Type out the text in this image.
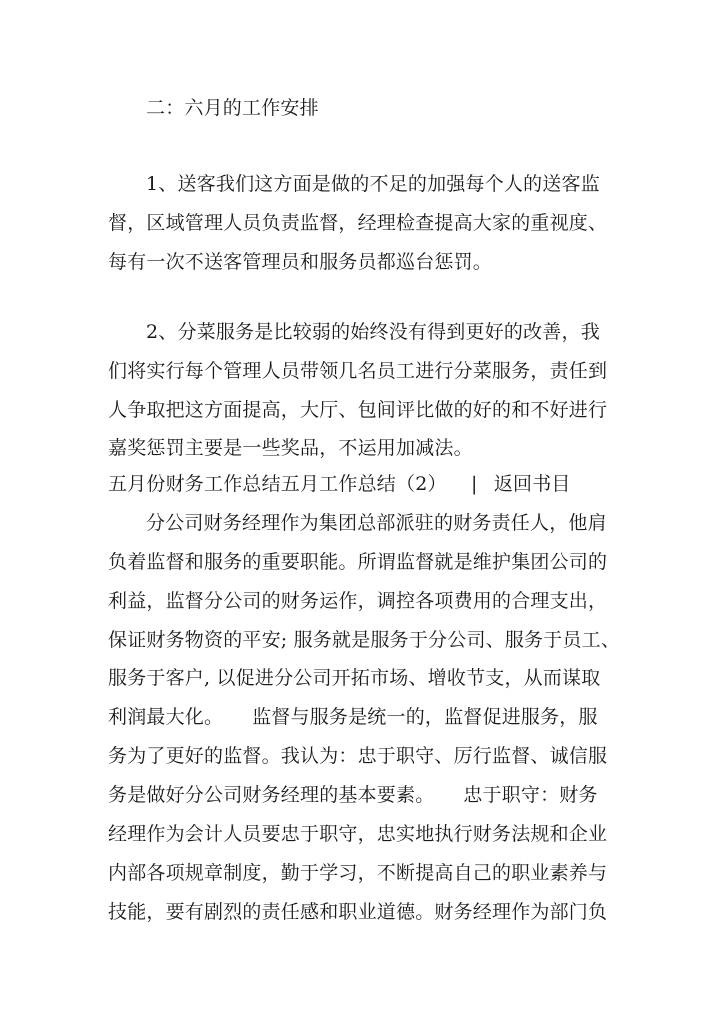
二：六月的工作安排
1、送客我们这方面是做的不足的加强每个人的送客监
督，区域管理人员负责监督，经理检查提高大家的重视度、
每有一次不送客管理员和服务员都巡台惩罚。
2、分菜服务是比较弱的始终没有得到更好的改善，我
们将实行每个管理人员带领几名员工进行分菜服务，责任到
人争取把这方面提高，大厅、包间评比做的好的和不好进行
嘉奖惩罚主要是一些奖品，不运用加减法。
五月份财务工作总结五月工作总结（2） | 返回书目
分公司财务经理作为集团总部派驻的财务责任人，他肩
负着监督和服务的重要职能。所谓监督就是维护集团公司的
利益，监督分公司的财务运作，调控各项费用的合理支出，
保证财务物资的平安; 服务就是服务于分公司、服务于员工、
服务于客户, 以促进分公司开拓市场、增收节支，从而谋取
利润最大化。　　监督与服务是统一的，监督促进服务，服
务为了更好的监督。我认为：忠于职守、厉行监督、诚信服
务是做好分公司财务经理的基本要素。　　忠于职守：财务
经理作为会计人员要忠于职守，忠实地执行财务法规和企业
内部各项规章制度，勤于学习，不断提高自己的职业素养与
技能，要有剧烈的责任感和职业道德。财务经理作为部门负
